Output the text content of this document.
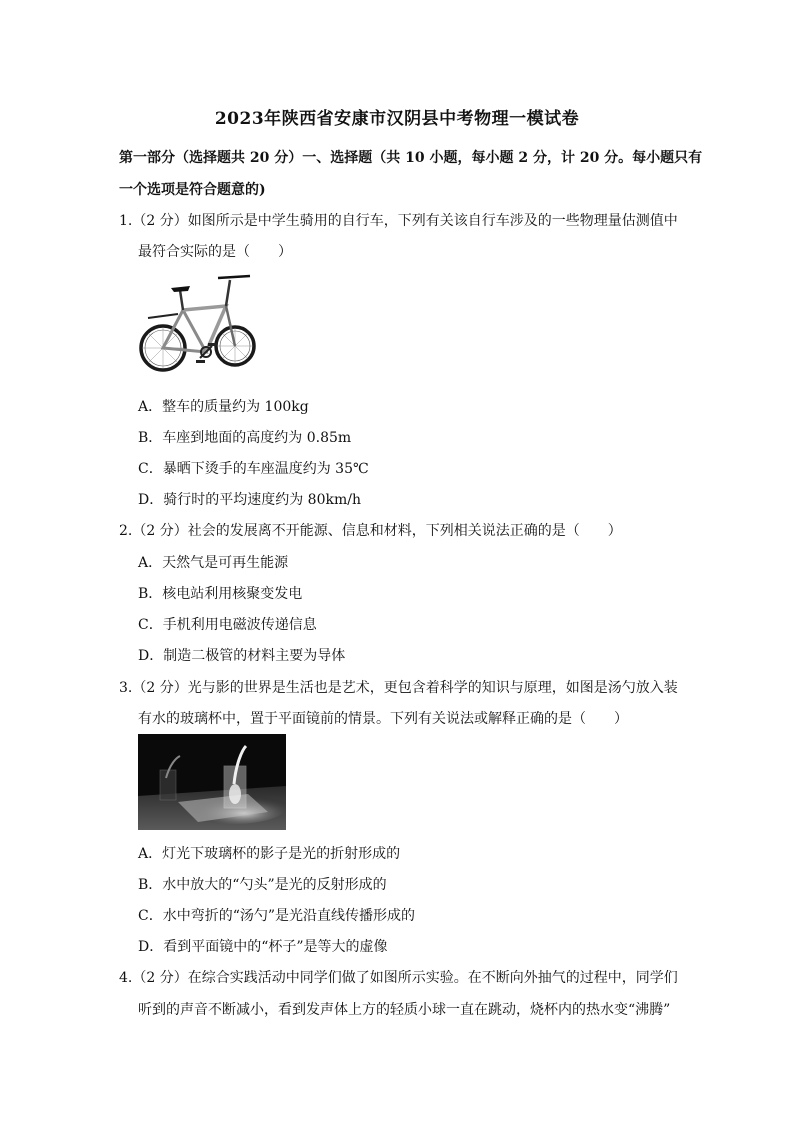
2023年陕西省安康市汉阴县中考物理一模试卷
第一部分（选择题共 20 分）一、选择题（共 10 小题，每小题 2 分，计 20 分。每小题只有
一个选项是符合题意的)
1.（2 分）如图所示是中学生骑用的自行车，下列有关该自行车涉及的一些物理量估测值中
最符合实际的是（　　）
A．整车的质量约为 100kg
B．车座到地面的高度约为 0.85m
C．暴晒下烫手的车座温度约为 35℃
D．骑行时的平均速度约为 80km/h
2.（2 分）社会的发展离不开能源、信息和材料，下列相关说法正确的是（　　）
A．天然气是可再生能源
B．核电站利用核聚变发电
C．手机利用电磁波传递信息
D．制造二极管的材料主要为导体
3.（2 分）光与影的世界是生活也是艺术，更包含着科学的知识与原理，如图是汤勺放入装
有水的玻璃杯中，置于平面镜前的情景。下列有关说法或解释正确的是（　　）
A．灯光下玻璃杯的影子是光的折射形成的
B．水中放大的“勺头”是光的反射形成的
C．水中弯折的“汤勺”是光沿直线传播形成的
D．看到平面镜中的“杯子”是等大的虚像
4.（2 分）在综合实践活动中同学们做了如图所示实验。在不断向外抽气的过程中，同学们
听到的声音不断减小，看到发声体上方的轻质小球一直在跳动，烧杯内的热水变“沸腾”
